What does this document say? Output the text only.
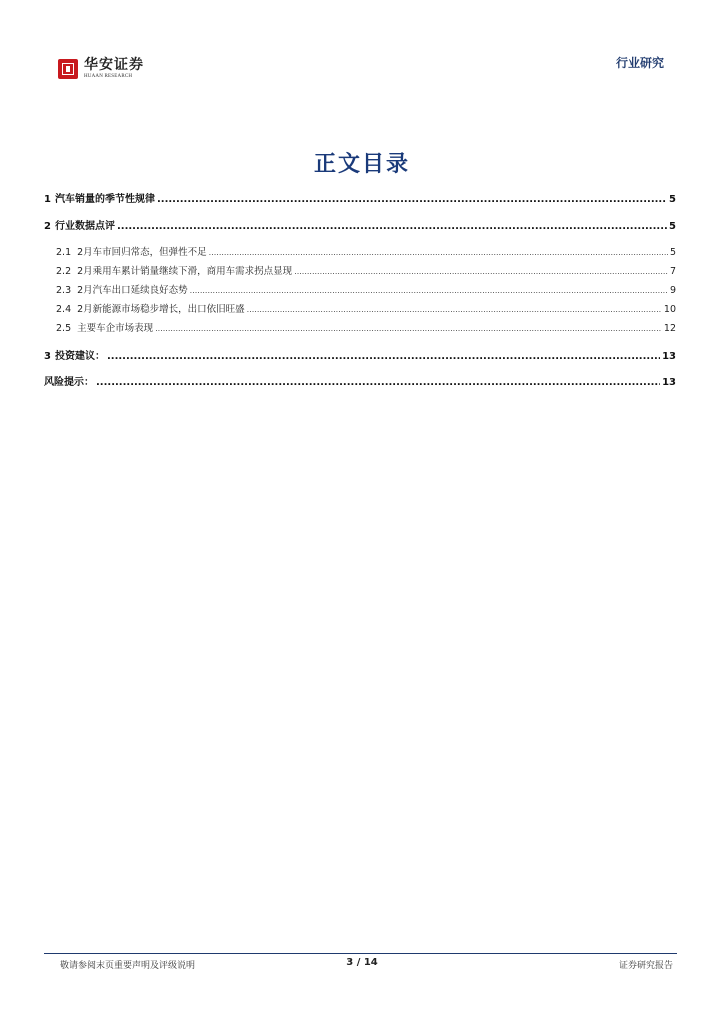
华安证券
HUAAN RESEARCH
行业研究
正文目录
1 汽车销量的季节性规律 .....	5
2 行业数据点评 .....	5
2.1 2月车市回归常态，但弹性不足 .....	5
2.2 2月乘用车累计销量继续下滑，商用车需求拐点显现 .....	7
2.3 2月汽车出口延续良好态势 .....	9
2.4 2月新能源市场稳步增长，出口依旧旺盛 .....	10
2.5 主要车企市场表现 .....	12
3 投资建议： .....	13
风险提示： .....	13
敬请参阅末页重要声明及评级说明	3 / 14	证券研究报告
